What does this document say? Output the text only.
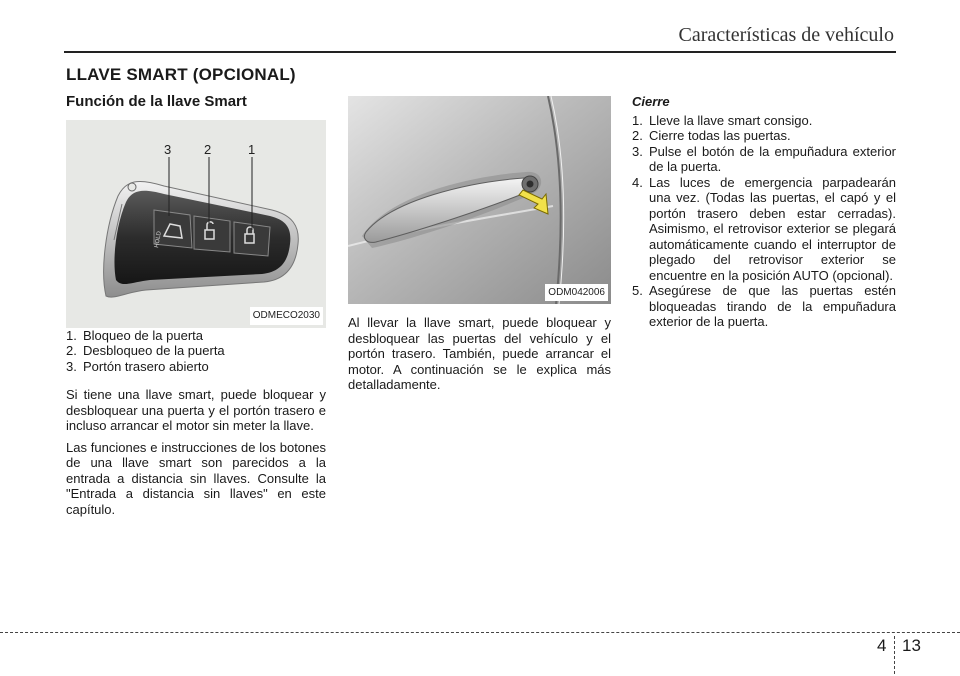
Características de vehículo
LLAVE SMART (OPCIONAL)
Función de la llave Smart
HOLD
3	2	1
ODMECO2030
1. Bloqueo de la puerta
2. Desbloqueo de la puerta
3. Portón trasero abierto

Si tiene una llave smart, puede bloquear y desbloquear una puerta y el portón trasero e incluso arrancar el motor sin meter la llave.

Las funciones e instrucciones de los botones de una llave smart son parecidos a la entrada a distancia sin llaves. Consulte la "Entrada a distancia sin llaves" en este capítulo.

ODM042006

Al llevar la llave smart, puede bloquear y desbloquear las puertas del vehículo y el portón trasero. También, puede arrancar el motor. A continuación se le explica más detalladamente.

Cierre
1. Lleve la llave smart consigo.
2. Cierre todas las puertas.
3. Pulse el botón de la empuñadura exterior de la puerta.
4. Las luces de emergencia parpadearán una vez. (Todas las puertas, el capó y el portón trasero deben estar cerradas). Asimismo, el retrovisor exterior se plegará automáticamente cuando el interruptor de plegado del retrovisor exterior se encuentre en la posición AUTO (opcional).
5. Asegúrese de que las puertas estén bloqueadas tirando de la empuñadura exterior de la puerta.
4 13
